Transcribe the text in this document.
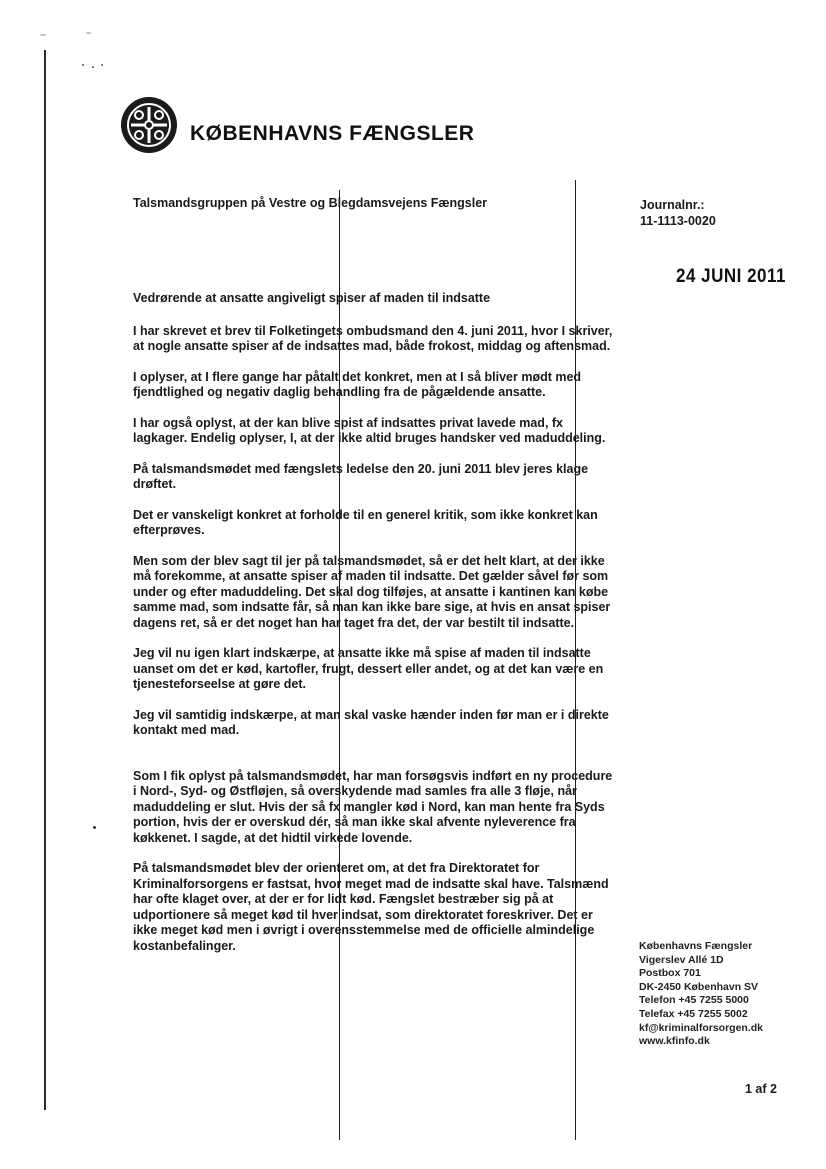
KØBENHAVNS FÆNGSLER
Talsmandsgruppen på Vestre og Blegdamsvejens Fængsler	Journalnr.:
11-1113-0020
24 JUNI 2011

Vedrørende at ansatte angiveligt spiser af maden til indsatte

I har skrevet et brev til Folketingets ombudsmand den 4. juni 2011, hvor I skriver, at nogle ansatte spiser af de indsattes mad, både frokost, middag og aftensmad.

I oplyser, at I flere gange har påtalt det konkret, men at I så bliver mødt med fjendtlighed og negativ daglig behandling fra de pågældende ansatte.

I har også oplyst, at der kan blive spist af indsattes privat lavede mad, fx lagkager. Endelig oplyser, I, at der ikke altid bruges handsker ved maduddeling.

På talsmandsmødet med fængslets ledelse den 20. juni 2011 blev jeres klage drøftet.

Det er vanskeligt konkret at forholde til en generel kritik, som ikke konkret kan efterprøves.

Men som der blev sagt til jer på talsmandsmødet, så er det helt klart, at der ikke må forekomme, at ansatte spiser af maden til indsatte. Det gælder såvel før som under og efter maduddeling. Det skal dog tilføjes, at ansatte i kantinen kan købe samme mad, som indsatte får, så man kan ikke bare sige, at hvis en ansat spiser dagens ret, så er det noget han har taget fra det, der var bestilt til indsatte.

Jeg vil nu igen klart indskærpe, at ansatte ikke må spise af maden til indsatte uanset om det er kød, kartofler, frugt, dessert eller andet, og at det kan være en tjenesteforseelse at gøre det.

Jeg vil samtidig indskærpe, at man skal vaske hænder inden før man er i direkte kontakt med mad.

Som I fik oplyst på talsmandsmødet, har man forsøgsvis indført en ny procedure i Nord-, Syd- og Østfløjen, så overskydende mad samles fra alle 3 fløje, når maduddeling er slut. Hvis der så fx mangler kød i Nord, kan man hente fra Syds portion, hvis der er overskud dér, så man ikke skal afvente nyleverence fra køkkenet. I sagde, at det hidtil virkede lovende.

På talsmandsmødet blev der orienteret om, at det fra Direktoratet for Kriminalforsorgens er fastsat, hvor meget mad de indsatte skal have. Talsmænd har ofte klaget over, at der er for lidt kød. Fængslet bestræber sig på at udportionere så meget kød til hver indsat, som direktoratet foreskriver. Det er ikke meget kød men i øvrigt i overensstemmelse med de officielle almindelige kostanbefalinger.	Københavns Fængsler
Vigerslev Allé 1D
Postbox 701
DK-2450 København SV
Telefon +45 7255 5000
Telefax +45 7255 5002
kf@kriminalforsorgen.dk
www.kfinfo.dk
1 af 2
